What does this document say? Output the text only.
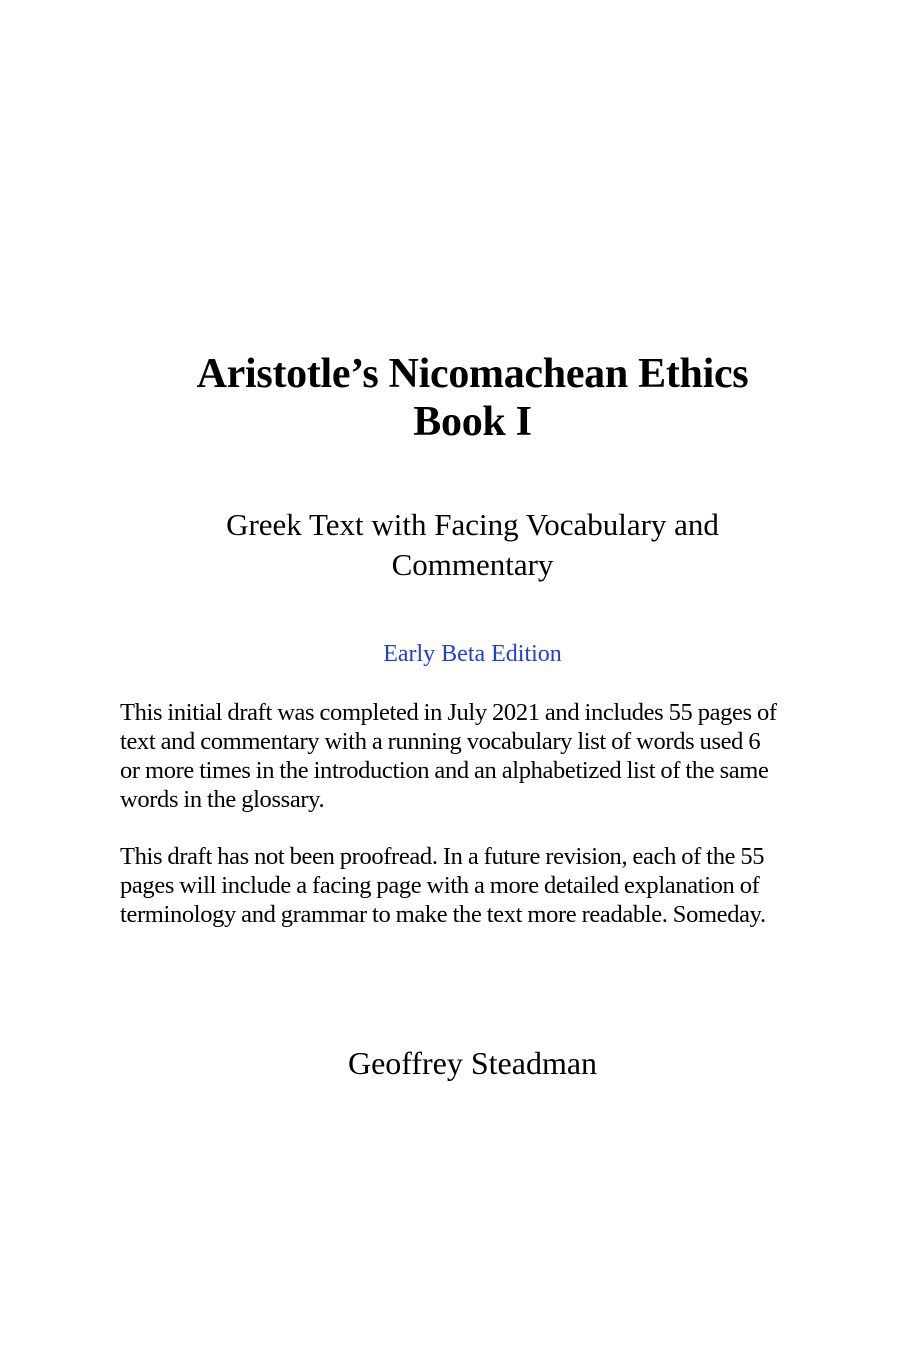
Aristotle’s Nicomachean Ethics

Book I

Greek Text with Facing Vocabulary and

Commentary

Early Beta Edition
This initial draft was completed in July 2021 and includes 55 pages of
text and commentary with a running vocabulary list of words used 6
or more times in the introduction and an alphabetized list of the same
words in the glossary.
This draft has not been proofread. In a future revision, each of the 55
pages will include a facing page with a more detailed explanation of
terminology and grammar to make the text more readable. Someday.
Geoffrey Steadman
